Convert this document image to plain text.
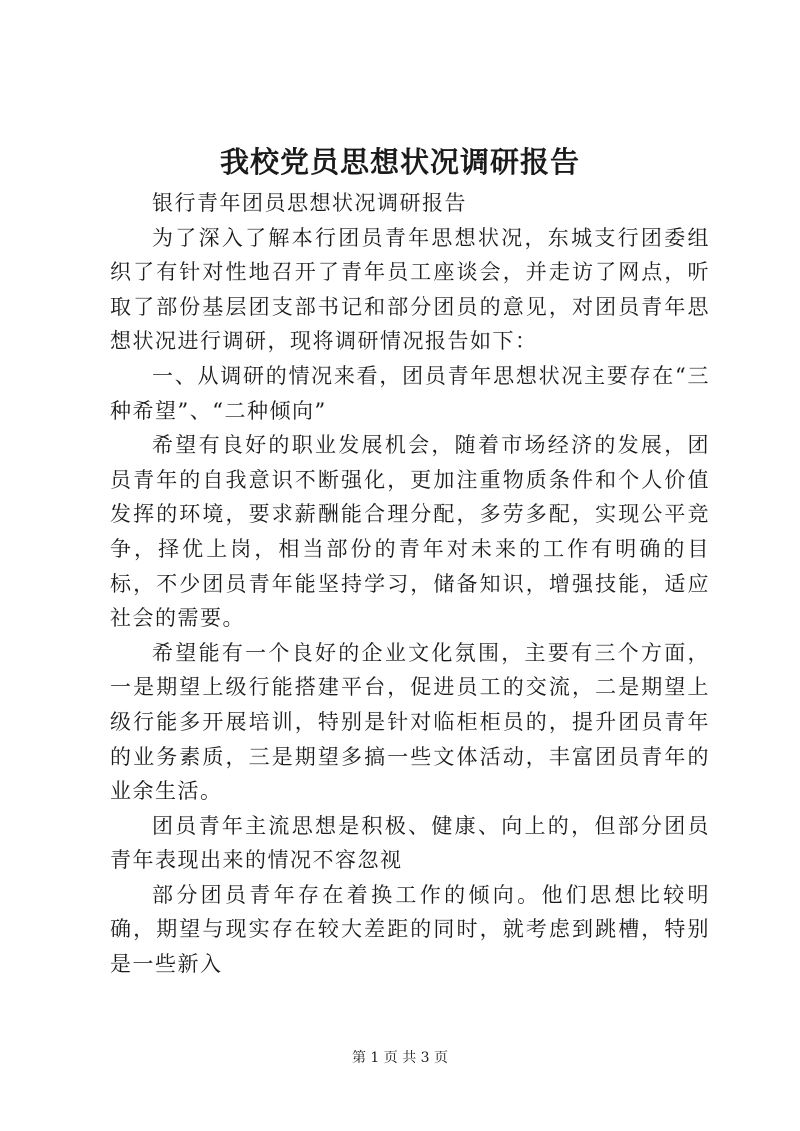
我校党员思想状况调研报告

银行青年团员思想状况调研报告

为了深入了解本行团员青年思想状况，东城支行团委组织了有针对性地召开了青年员工座谈会，并走访了网点，听取了部份基层团支部书记和部分团员的意见，对团员青年思想状况进行调研，现将调研情况报告如下：

一、从调研的情况来看，团员青年思想状况主要存在“三种希望”、“二种倾向”

希望有良好的职业发展机会，随着市场经济的发展，团员青年的自我意识不断强化，更加注重物质条件和个人价值发挥的环境，要求薪酬能合理分配，多劳多配，实现公平竞争，择优上岗，相当部份的青年对未来的工作有明确的目标，不少团员青年能坚持学习，储备知识，增强技能，适应社会的需要。

希望能有一个良好的企业文化氛围，主要有三个方面，一是期望上级行能搭建平台，促进员工的交流，二是期望上级行能多开展培训，特别是针对临柜柜员的，提升团员青年的业务素质，三是期望多搞一些文体活动，丰富团员青年的业余生活。

团员青年主流思想是积极、健康、向上的，但部分团员青年表现出来的情况不容忽视

部分团员青年存在着换工作的倾向。他们思想比较明确，期望与现实存在较大差距的同时，就考虑到跳槽，特别是一些新入

第 1 页 共 3 页
